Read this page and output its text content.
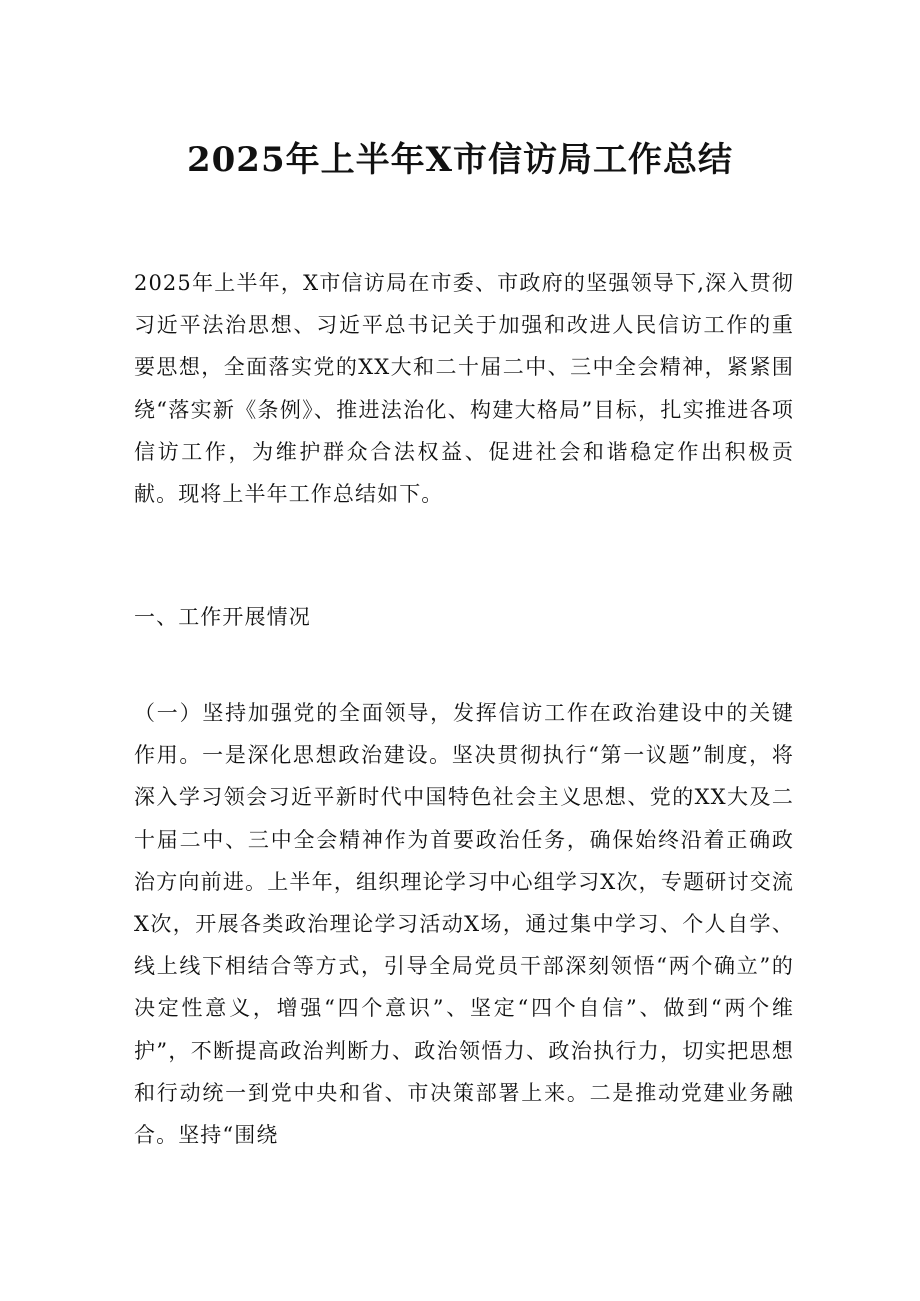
2025年上半年X市信访局工作总结

2025年上半年，X市信访局在市委、市政府的坚强领导下,深入贯彻习近平法治思想、习近平总书记关于加强和改进人民信访工作的重要思想，全面落实党的XX大和二十届二中、三中全会精神，紧紧围绕“落实新《条例》、推进法治化、构建大格局”目标，扎实推进各项信访工作，为维护群众合法权益、促进社会和谐稳定作出积极贡献。现将上半年工作总结如下。

一、工作开展情况

（一）坚持加强党的全面领导，发挥信访工作在政治建设中的关键作用。一是深化思想政治建设。坚决贯彻执行“第一议题”制度，将深入学习领会习近平新时代中国特色社会主义思想、党的XX大及二十届二中、三中全会精神作为首要政治任务，确保始终沿着正确政治方向前进。上半年，组织理论学习中心组学习X次，专题研讨交流X次，开展各类政治理论学习活动X场，通过集中学习、个人自学、线上线下相结合等方式，引导全局党员干部深刻领悟“两个确立”的决定性意义，增强“四个意识”、坚定“四个自信”、做到“两个维护”，不断提高政治判断力、政治领悟力、政治执行力，切实把思想和行动统一到党中央和省、市决策部署上来。二是推动党建业务融合。坚持“围绕
